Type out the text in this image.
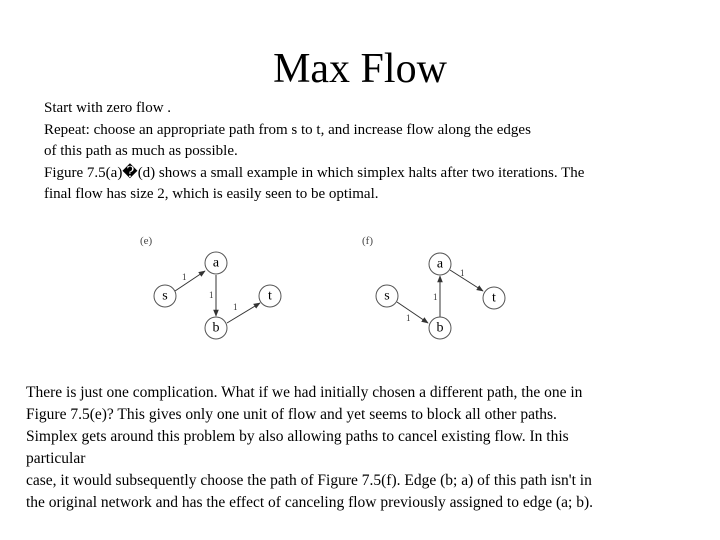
Max Flow
Start with zero flow .
Repeat: choose an appropriate path from s to t, and increase flow along the edges
of this path as much as possible.
Figure 7.5(a)�(d) shows a small example in which simplex halts after two iterations. The
final flow has size 2, which is easily seen to be optimal.
(e)
1
1
1
s
a
b
t
(f)
1
1
1
s
a
b
t
There is just one complication. What if we had initially chosen a different path, the one in
Figure 7.5(e)? This gives only one unit of flow and yet seems to block all other paths.
Simplex gets around this problem by also allowing paths to cancel existing flow. In this
particular
case, it would subsequently choose the path of Figure 7.5(f). Edge (b; a) of this path isn't in
the original network and has the effect of canceling flow previously assigned to edge (a; b).
